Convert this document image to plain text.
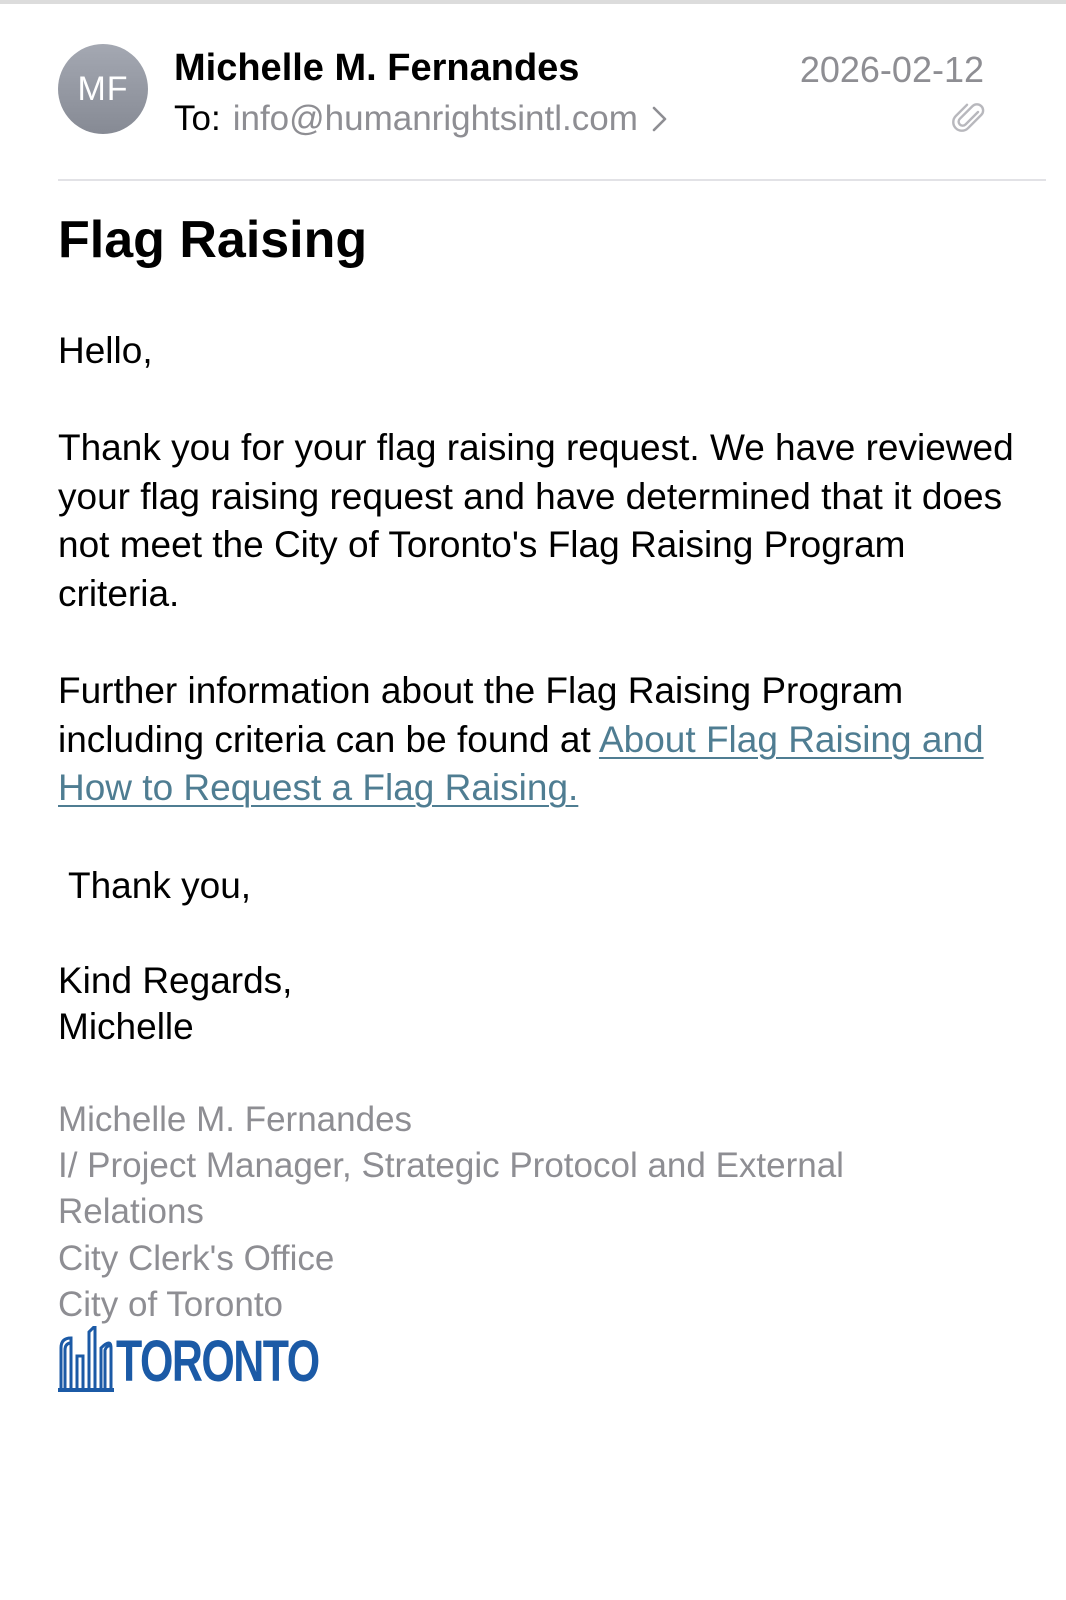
MF	Michelle M. Fernandes
To: info@humanrightsintl.com
2026-02-12
Flag Raising
Hello,
Thank you for your flag raising request. We have reviewed your flag raising request and have determined that it does not meet the City of Toronto's Flag Raising Program criteria.
Further information about the Flag Raising Program including criteria can be found at About Flag Raising and How to Request a Flag Raising.
Thank you,
Kind Regards,
Michelle
Michelle M. Fernandes
I/ Project Manager, Strategic Protocol and External
Relations
City Clerk's Office
City of Toronto
TORONTO
